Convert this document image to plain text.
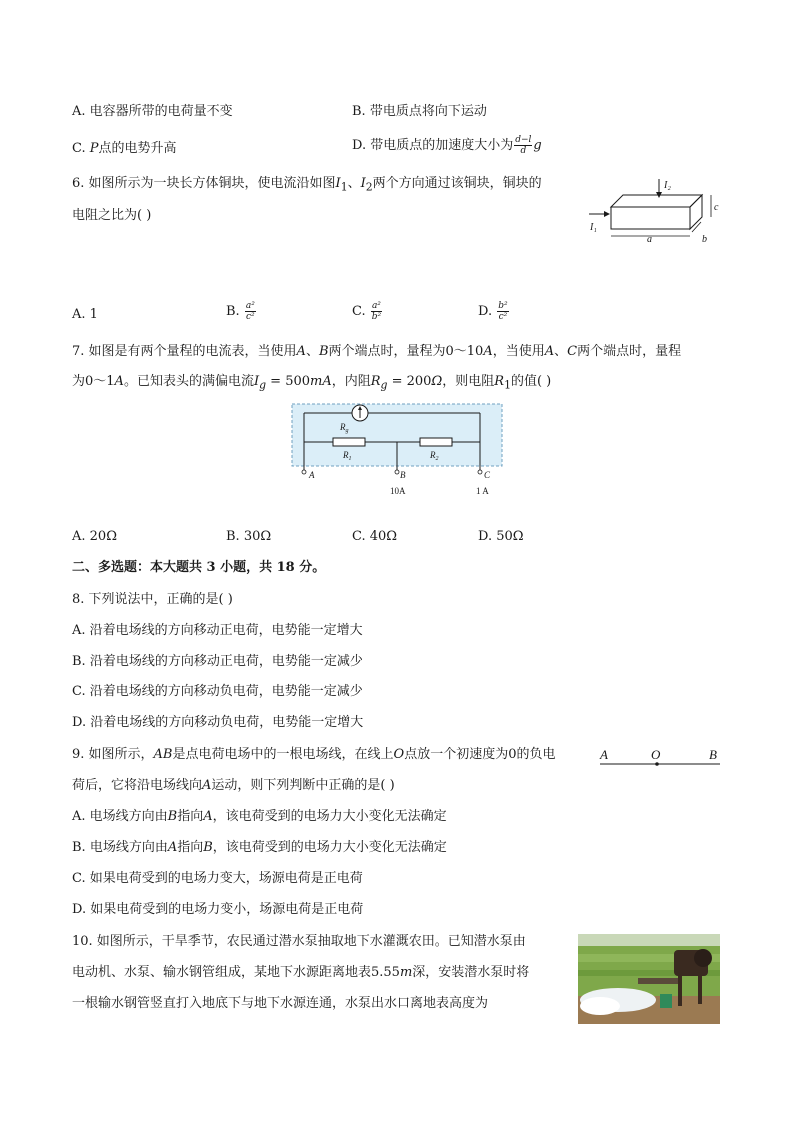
A. 电容器所带的电荷量不变	B. 带电质点将向下运动
C. P点的电势升高	D. 带电质点的加速度大小为 $\frac{d-l}{d}$ g
6. 如图所示为一块长方体铜块，使电流沿如图$I_1$、$I_2$两个方向通过该铜块，铜块的
电阻之比为( )
I₂
c
I₁
a	b
A. 1	B. $\frac{\text{a²}}{\text{c²}}$	C. $\frac{\text{a²}}{\text{b²}}$	D. $\frac{\text{b²}}{\text{c²}}$
7. 如图是有两个量程的电流表，当使用A、B两个端点时，量程为0～10A，当使用A、C两个端点时，量程
为0～1A。已知表头的满偏电流$I_g = 500mA$，内阻$R_g = 200\Omega$，则电阻$R_1$的值( )
$R_g$
$R_1$	$R_2$
A	B	C
10A	1 A
A. 20Ω	B. 30Ω	C. 40Ω	D. 50Ω
二、多选题：本大题共 3 小题，共 18 分。
8. 下列说法中，正确的是( )
A. 沿着电场线的方向移动正电荷，电势能一定增大
B. 沿着电场线的方向移动正电荷，电势能一定减少
C. 沿着电场线的方向移动负电荷，电势能一定减少
D. 沿着电场线的方向移动负电荷，电势能一定增大
9. 如图所示，AB是点电荷电场中的一根电场线，在线上O点放一个初速度为0的负电
荷后，它将沿电场线向A运动，则下列判断中正确的是( )
A	O	B
A. 电场线方向由B指向A，该电荷受到的电场力大小变化无法确定
B. 电场线方向由A指向B，该电荷受到的电场力大小变化无法确定
C. 如果电荷受到的电场力变大，场源电荷是正电荷
D. 如果电荷受到的电场力变小，场源电荷是正电荷
10. 如图所示，干旱季节，农民通过潜水泵抽取地下水灌溉农田。已知潜水泵由
电动机、水泵、输水钢管组成，某地下水源距离地表5.55m深，安装潜水泵时将
一根输水钢管竖直打入地底下与地下水源连通，水泵出水口离地表高度为
